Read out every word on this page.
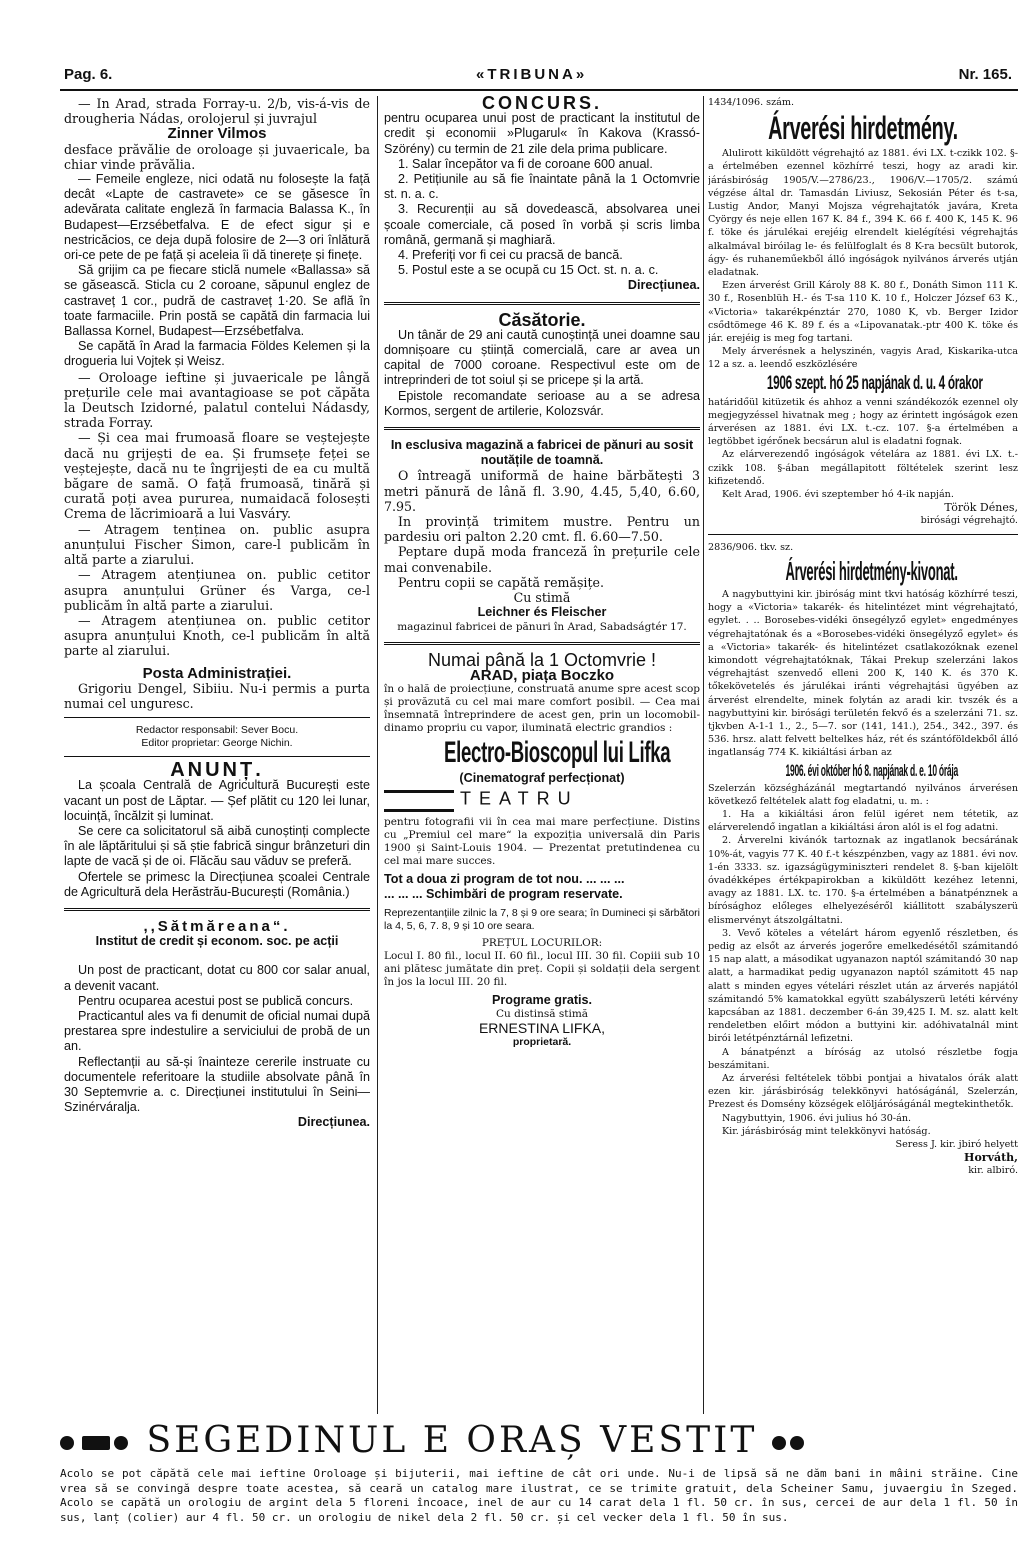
Pag. 6.	«TRIBUNA»	Nr. 165.

— In Arad, strada Forray-u. 2/b, vis-á-vis de drougheria Nádas, orolojerul și juvrajul

Zinner Vilmos

desface prăvălie de oroloage și juvaericale, ba chiar vinde prăvălia.

— Femeile engleze, nici odată nu folosește la față decât «Lapte de castravete» ce se găsesce în adevărata calitate engleză în farmacia Balassa K., în Budapest—Erzsébetfalva. E de efect sigur și e nestricăcios, ce deja după folosire de 2—3 ori înlătură ori-ce pete de pe față și aceleia îi dă tinerețe și finețe.

Să grijim ca pe fiecare sticlă numele «Ballassa» să se găsească. Sticla cu 2 coroane, săpunul englez de castraveț 1 cor., pudră de castraveț 1·20. Se află în toate farmaciile. Prin postă se capătă din farmacia lui Ballassa Kornel, Budapest—Erzsébetfalva.

Se capătă în Arad la farmacia Földes Kelemen și la drogueria lui Vojtek și Weisz.

— Oroloage ieftine și juvaericale pe lângă prețurile cele mai avantagioase se pot căpăta la Deutsch Izidorné, palatul contelui Nádasdy, strada Forray.

— Și cea mai frumoasă floare se veștejește dacă nu grijești de ea. Și frumsețe feței se veștejește, dacă nu te îngrijești de ea cu multă băgare de samă. O față frumoasă, tinără și curată poți avea pururea, numaidacă folosești Crema de lăcrimioară a lui Vasváry.

— Atragem tenținea on. public asupra anunțului Fischer Simon, care-l publicăm în altă parte a ziarului.

— Atragem atențiunea on. public cetitor asupra anunțului Grüner és Varga, ce-l publicăm în altă parte a ziarului.

— Atragem atențiunea on. public cetitor asupra anunțului Knoth, ce-l publicăm în altă parte al ziarului.

Posta Administrației.

Grigoriu Dengel, Sibiiu. Nu-i permis a purta numai cel unguresc.

Redactor responsabil: Sever Bocu.

Editor proprietar: George Nichin.

ANUNȚ.

La școala Centrală de Agricultură București este vacant un post de Lăptar. — Șef plătit cu 120 lei lunar, locuință, încălzit și luminat.

Se cere ca solicitatorul să aibă cunoștinți complecte în ale lăptăritului și să știe fabrică singur brânzeturi din lapte de vacă și de oi. Flăcău sau văduv se preferă.

Ofertele se primesc la Direcțiunea școalei Centrale de Agricultură dela Herăstrău-București (România.)

,,Sătmăreana“.

Institut de credit și econom. soc. pe acții

Un post de practicant, dotat cu 800 cor salar anual, a devenit vacant.

Pentru ocuparea acestui post se publică concurs.

Practicantul ales va fi denumit de oficial numai după prestarea spre indestulire a serviciului de probă de un an.

Reflectanții au să-și înainteze cererile instruate cu documentele referitoare la studiile absolvate până în 30 Septemvrie a. c. Direcțiunei institutului în Seini—Szinérváralja.

Direcțiunea.

CONCURS.

pentru ocuparea unui post de practicant la institutul de credit și economii »Plugarul« în Kakova (Krassó-Szörény) cu termin de 21 zile dela prima publicare.

1. Salar începător va fi de coroane 600 anual.

2. Petițiunile au să fie înaintate până la 1 Octomvrie st. n. a. c.

3. Recurenții au să dovedească, absolvarea unei școale comerciale, că posed în vorbă și scris limba română, germană și maghiară.

4. Preferiți vor fi cei cu pracsă de bancă.

5. Postul este a se ocupă cu 15 Oct. st. n. a. c.

Direcțiunea.

Căsătorie.

Un tânăr de 29 ani caută cunoștință unei doamne sau domnișoare cu știință comercială, care ar avea un capital de 7000 coroane. Respectivul este om de intreprinderi de tot soiul și se pricepe și la artă.

Epistole recomandate serioase au a se adresa Kormos, sergent de artilerie, Kolozsvár.

In esclusiva magazină a fabricei de pănuri au sosit noutățile de toamnă.

O întreagă uniformă de haine bărbătești 3 metri pănură de lână fl. 3.90, 4.45, 5,40, 6.60, 7.95.

In provință trimitem mustre. Pentru un pardesiu ori palton 2.20 cmt. fl. 6.60—7.50.

Peptare după moda franceză în prețurile cele mai convenabile.

Pentru copii se capătă remășițe.

Cu stimă

Leichner és Fleischer

magazinul fabricei de pănuri în Arad, Sabadságtér 17.

Numai până la 1 Octomvrie !

ARAD, piața Boczko

în o hală de proiecțiune, construată anume spre acest scop și provăzută cu cel mai mare comfort posibil. — Cea mai însemnată întreprindere de acest gen, prin un locomobil-dinamo propriu cu vapor, iluminată electric grandios :

Electro-Bioscopul lui Lifka

(Cinematograf perfecționat)

TEATRU

pentru fotografii vii în cea mai mare perfecțiune. Distins cu „Premiul cel mare“ la expoziția universală din Paris 1900 și Saint-Louis 1904. — Prezentat pretutindenea cu cel mai mare succes.

Tot a doua zi program de tot nou. ... ... ...

... ... ... Schimbări de program reservate.

Reprezentanțiile zilnic la 7, 8 și 9 ore seara; în Dumineci și sărbători la 4, 5, 6, 7. 8, 9 și 10 ore seara.

PREȚUL LOCURILOR:

Locul I. 80 fil., locul II. 60 fil., locul III. 30 fil. Copiii sub 10 ani plătesc jumătate din preț. Copii și soldații dela sergent în jos la locul III. 20 fil.

Programe gratis.

Cu distinsă stimă

ERNESTINA LIFKA,

proprietară.

1434/1096. szám.

Árverési hirdetmény.

Alulirott kiküldött végrehajtó az 1881. évi LX. t-czikk 102. §-a értelmében ezennel közhírré teszi, hogy az aradi kir. járásbiróság 1905/V.—2786/23., 1906/V.—1705/2. számú végzése által dr. Tamasdán Liviusz, Sekosián Péter és t-sa, Lustig Andor, Manyi Mojsza végrehajtatók javára, Kreta Cyörgy és neje ellen 167 K. 84 f., 394 K. 66 f. 400 K, 145 K. 96 f. töke és járulékai erejéig elrendelt kielégítési végrehajtás alkalmával biróilag le- és felülfoglalt és 8 K-ra becsült butorok, ágy- és ruhaneműekből álló ingóságok nyilvános árverés utján eladatnak.

Ezen árverést Grill Károly 88 K. 80 f., Donáth Simon 111 K. 30 f., Rosenblüh H.- és T-sa 110 K. 10 f., Holczer József 63 K., «Victoria» takarékpénztár 270, 1080 K, vb. Berger Izidor csődtömege 46 K. 89 f. és a «Lipovanatak.-ptr 400 K. töke és jár. erejéig is meg fog tartani.

Mely árverésnek a helyszinén, vagyis Arad, Kiskarika-utca 12 a sz. a. leendő eszközlésére

1906 szept. hó 25 napjának d. u. 4 órakor

határidőül kitüzetik és ahhoz a venni szándékozók ezennel oly megjegyzéssel hivatnak meg ; hogy az érintett ingóságok ezen árverésen az 1881. évi LX. t.-cz. 107. §-a értelmében a legtöbbet igérőnek becsárun alul is eladatni fognak.

Az elárverezendő ingóságok vételára az 1881. évi LX. t.-czikk 108. §-ában megállapitott föltételek szerint lesz kifizetendő.

Kelt Arad, 1906. évi szeptember hó 4-ik napján.

Török Dénes,

birósági végrehajtó.

2836/906. tkv. sz.

Árverési hirdetmény-kivonat.

A nagybuttyini kir. jbiróság mint tkvi hatóság közhírré teszi, hogy a «Victoria» takarék- és hitelintézet mint végrehajtató, egylet. . .. Borosebes-vidéki önsegélyző egylet» engedményes végrehajtatónak és a «Borosebes-vidéki önsegélyző egylet» és a «Victoria» takarék- és hitelintézet csatlakozóknak ezenel kimondott végrehajtatóknak, Tákai Prekup szelerzáni lakos végrehajtást szenvedő elleni 200 K, 140 K. és 370 K. tőkekövetelés és járulékai iránti végrehajtási ügyében az árverést elrendelte, minek folytán az aradi kir. tvszék és a nagybuttyini kir. birósági területén fekvő és a szelerzáni 71. sz. tjkvben A-1-1 1., 2., 5—7. sor (141, 141.), 254., 342., 397. és 536. hrsz. alatt felvett beltelkes ház, rét és szántóföldekből álló ingatlanság 774 K. kikiáltási árban az

1906. évi október hó 8. napjának d. e. 10 órája

Szelerzán községházánál megtartandó nyilvános árverésen következő feltételek alatt fog eladatni, u. m. :

1. Ha a kikiáltási áron felül igéret nem tétetik, az elárverelendő ingatlan a kikiáltási áron alól is el fog adatni.

2. Árverelni kivánók tartoznak az ingatlanok becsárának 10%-át, vagyis 77 K. 40 f.-t készpénzben, vagy az 1881. évi nov. 1-én 3333. sz. igazságügyminiszteri rendelet 8. §-ban kijelölt óvadékképes értékpapirokban a kiküldött kezéhez letenni, avagy az 1881. LX. tc. 170. §-a értelmében a bánatpénznek a bírósághoz előleges elhelyezéséről kiállitott szabályszerü elismervényt átszolgáltatni.

3. Vevő köteles a vételárt három egyenlő részletben, és pedig az elsőt az árverés jogerőre emelkedésétől számitandó 15 nap alatt, a másodikat ugyanazon naptól számitandó 30 nap alatt, a harmadikat pedig ugyanazon naptól számitott 45 nap alatt s minden egyes vételári részlet után az árverés napjától számitandó 5% kamatokkal együtt szabályszerü letéti kérvény kapcsában az 1881. deczember 6-án 39,425 I. M. sz. alatt kelt rendeletben előirt módon a buttyini kir. adóhivatalnál mint birói letétpénztárnál lefizetni.

A bánatpénzt a bíróság az utolsó részletbe fogja beszámitani.

Az árverési feltételek többi pontjai a hivatalos órák alatt ezen kir. járásbiróság telekkönyvi hatóságánál, Szelerzán, Prezest és Domsény községek elöljáróságánál megtekinthetők.

Nagybuttyin, 1906. évi julius hó 30-án.

Kir. járásbiróság mint telekkönyvi hatóság.

Seress J. kir. jbiró helyett

Horváth,

kir. albiró.

SEGEDINUL E ORAȘ VESTIT

Acolo se pot căpătă cele mai ieftine Oroloage și bijuterii, mai ieftine de cât ori unde. Nu-i de lipsă să ne dăm bani in mâini străine. Cine vrea să se convingă despre toate acestea, să ceară un catalog mare ilustrat, ce se trimite gratuit, dela Scheiner Samu, juvaergiu în Szeged. Acolo se capătă un orologiu de argint dela 5 floreni încoace, inel de aur cu 14 carat dela 1 fl. 50 cr. în sus, cercei de aur dela 1 fl. 50 în sus, lanț (colier) aur 4 fl. 50 cr. un orologiu de nikel dela 2 fl. 50 cr. și cel vecker dela 1 fl. 50 în sus.
